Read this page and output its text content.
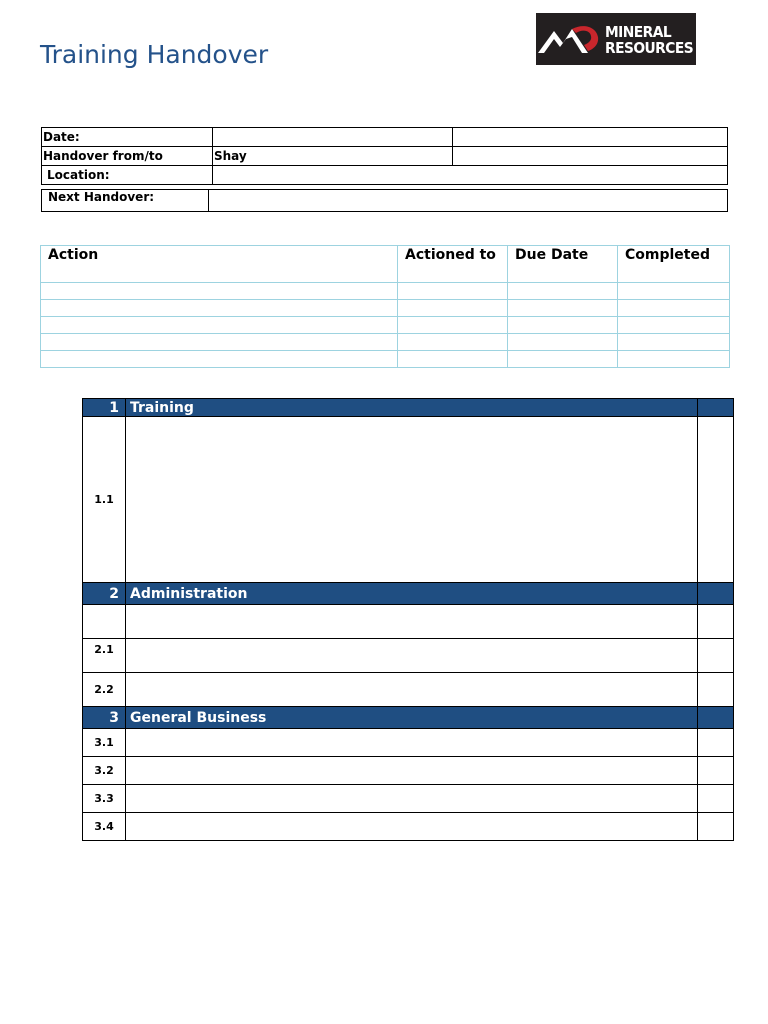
Training Handover
MINERAL
RESOURCES
Date:		
Handover from/to	Shay	
Location:		
Next Handover:	
Action	Actioned to	Due Date	Completed

1	Training	
1.1		
2	Administration	

2.1		
2.2		
3	General Business	
3.1		
3.2		
3.3		
3.4		
